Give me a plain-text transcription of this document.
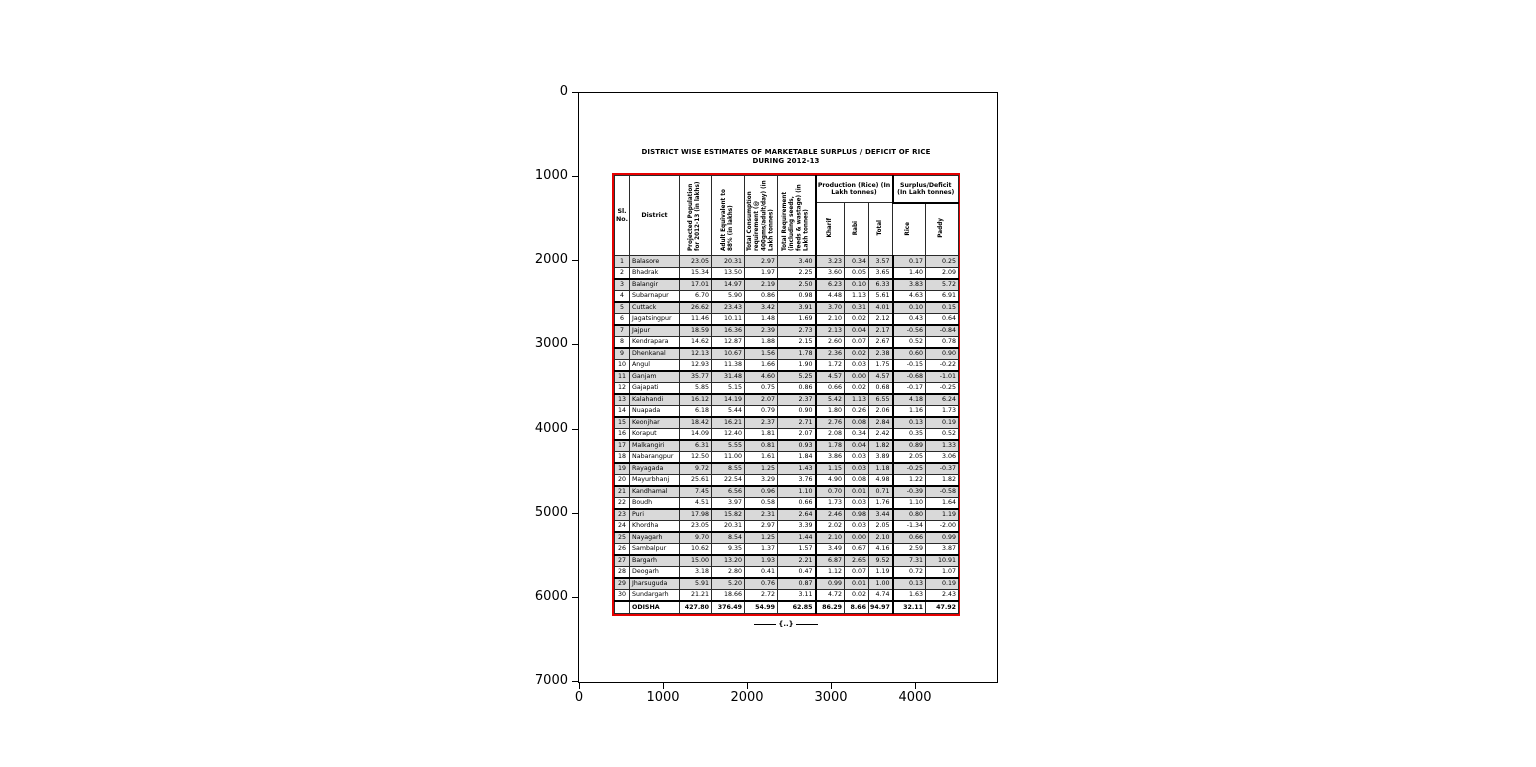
0
1000
2000
3000
4000
5000
6000
7000
0	1000	2000	3000	4000
DISTRICT WISE ESTIMATES OF MARKETABLE SURPLUS / DEFICIT OF RICE
DURING 2012-13
Sl. No.	District	Projected Population for 2012-13 (in lakhs)	Adult Equivalent to 88% (in lakhs)	Total Consumption requirement (@ 400gms/adult/day) (in Lakh tonnes)	Total Requirement (including seeds, feeds & wastage) (in Lakh tonnes)	Production (Rice) (In Lakh tonnes)			Surplus/Deficit (In Lakh tonnes)	
						Kharif	Rabi	Total	Rice	Paddy
1	Balasore	23.05	20.31	2.97	3.40	3.23	0.34	3.57	0.17	0.25
2	Bhadrak	15.34	13.50	1.97	2.25	3.60	0.05	3.65	1.40	2.09
3	Balangir	17.01	14.97	2.19	2.50	6.23	0.10	6.33	3.83	5.72
4	Subarnapur	6.70	5.90	0.86	0.98	4.48	1.13	5.61	4.63	6.91
5	Cuttack	26.62	23.43	3.42	3.91	3.70	0.31	4.01	0.10	0.15
6	Jagatsingpur	11.46	10.11	1.48	1.69	2.10	0.02	2.12	0.43	0.64
7	Jajpur	18.59	16.36	2.39	2.73	2.13	0.04	2.17	-0.56	-0.84
8	Kendrapara	14.62	12.87	1.88	2.15	2.60	0.07	2.67	0.52	0.78
9	Dhenkanal	12.13	10.67	1.56	1.78	2.36	0.02	2.38	0.60	0.90
10	Angul	12.93	11.38	1.66	1.90	1.72	0.03	1.75	-0.15	-0.22
11	Ganjam	35.77	31.48	4.60	5.25	4.57	0.00	4.57	-0.68	-1.01
12	Gajapati	5.85	5.15	0.75	0.86	0.66	0.02	0.68	-0.17	-0.25
13	Kalahandi	16.12	14.19	2.07	2.37	5.42	1.13	6.55	4.18	6.24
14	Nuapada	6.18	5.44	0.79	0.90	1.80	0.26	2.06	1.16	1.73
15	Keonjhar	18.42	16.21	2.37	2.71	2.76	0.08	2.84	0.13	0.19
16	Koraput	14.09	12.40	1.81	2.07	2.08	0.34	2.42	0.35	0.52
17	Malkangiri	6.31	5.55	0.81	0.93	1.78	0.04	1.82	0.89	1.33
18	Nabarangpur	12.50	11.00	1.61	1.84	3.86	0.03	3.89	2.05	3.06
19	Rayagada	9.72	8.55	1.25	1.43	1.15	0.03	1.18	-0.25	-0.37
20	Mayurbhanj	25.61	22.54	3.29	3.76	4.90	0.08	4.98	1.22	1.82
21	Kandhamal	7.45	6.56	0.96	1.10	0.70	0.01	0.71	-0.39	-0.58
22	Boudh	4.51	3.97	0.58	0.66	1.73	0.03	1.76	1.10	1.64
23	Puri	17.98	15.82	2.31	2.64	2.46	0.98	3.44	0.80	1.19
24	Khordha	23.05	20.31	2.97	3.39	2.02	0.03	2.05	-1.34	-2.00
25	Nayagarh	9.70	8.54	1.25	1.44	2.10	0.00	2.10	0.66	0.99
26	Sambalpur	10.62	9.35	1.37	1.57	3.49	0.67	4.16	2.59	3.87
27	Bargarh	15.00	13.20	1.93	2.21	6.87	2.65	9.52	7.31	10.91
28	Deogarh	3.18	2.80	0.41	0.47	1.12	0.07	1.19	0.72	1.07
29	Jharsuguda	5.91	5.20	0.76	0.87	0.99	0.01	1.00	0.13	0.19
30	Sundargarh	21.21	18.66	2.72	3.11	4.72	0.02	4.74	1.63	2.43
	ODISHA	427.80	376.49	54.99	62.85	86.29	8.66	94.97	32.11	47.92
{..}
